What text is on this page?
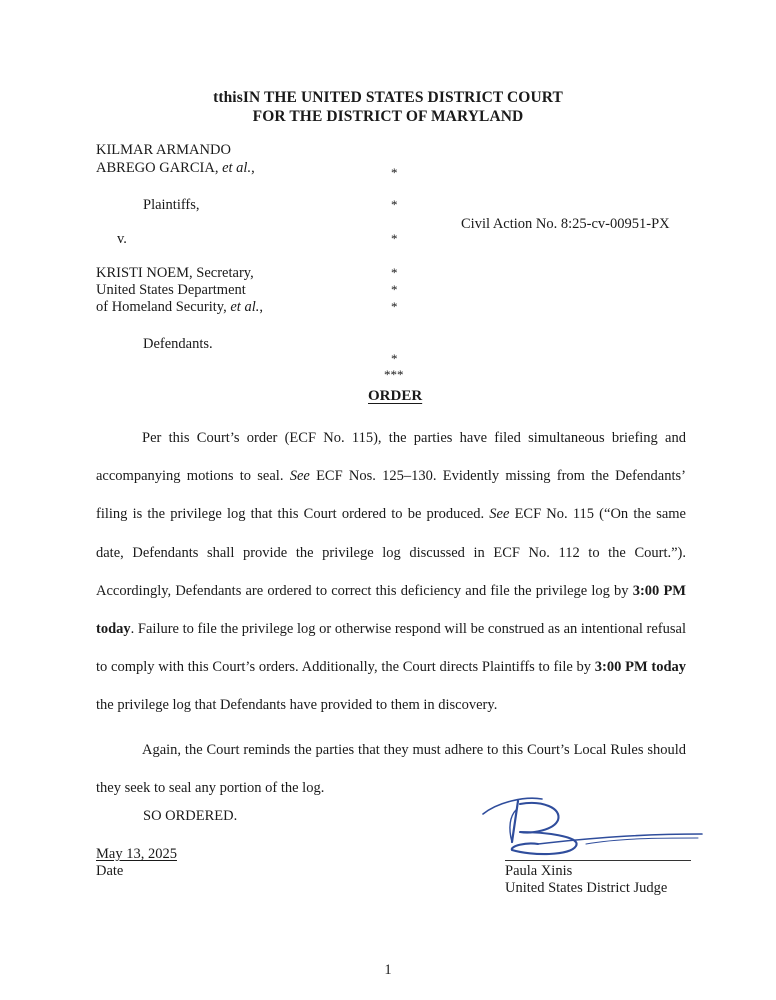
tthisIN THE UNITED STATES DISTRICT COURT

FOR THE DISTRICT OF MARYLAND

KILMAR ARMANDO

ABREGO GARCIA, et al.,

Plaintiffs,

v.

KRISTI NOEM, Secretary,

United States Department

of Homeland Security, et al.,

Defendants.

*
*
*
*
*
*
*
***

Civil Action No. 8:25-cv-00951-PX

ORDER

Per this Court’s order (ECF No. 115), the parties have filed simultaneous briefing and accompanying motions to seal. See ECF Nos. 125–130. Evidently missing from the Defendants’ filing is the privilege log that this Court ordered to be produced. See ECF No. 115 (“On the same date, Defendants shall provide the privilege log discussed in ECF No. 112 to the Court.”). Accordingly, Defendants are ordered to correct this deficiency and file the privilege log by 3:00 PM today. Failure to file the privilege log or otherwise respond will be construed as an intentional refusal to comply with this Court’s orders. Additionally, the Court directs Plaintiffs to file by 3:00 PM today the privilege log that Defendants have provided to them in discovery.

Again, the Court reminds the parties that they must adhere to this Court’s Local Rules should they seek to seal any portion of the log.

SO ORDERED.

May 13, 2025

Date	Paula Xinis

United States District Judge

1
